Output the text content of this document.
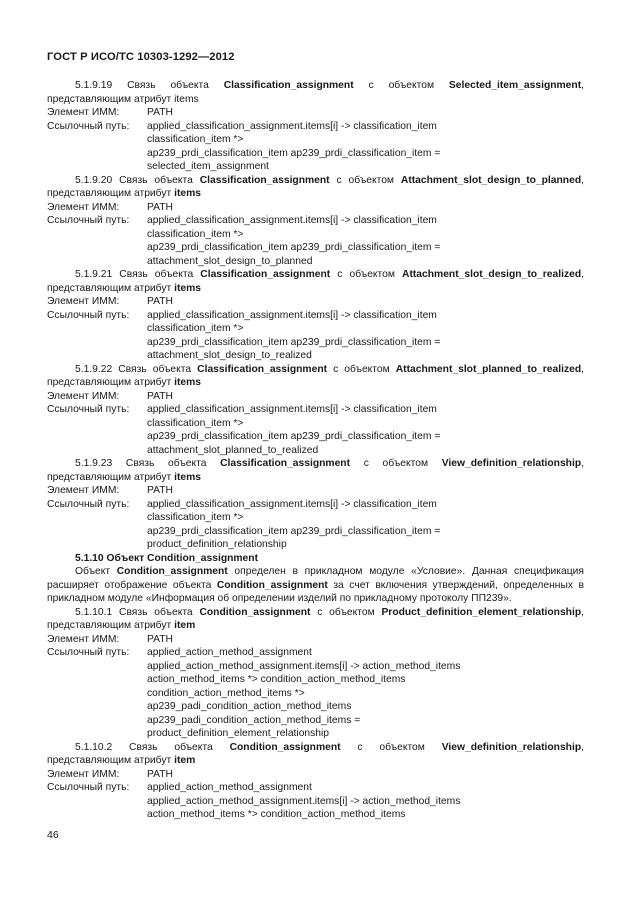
ГОСТ Р ИСО/ТС 10303-1292—2012
5.1.9.19 Связь объекта Classification_assignment с объектом Selected_item_assignment, представляющим атрибут items
Элемент ИММ:	PATH
Ссылочный путь: applied_classification_assignment.items[i] -> classification_item
classification_item *>
ap239_prdi_classification_item ap239_prdi_classification_item =
selected_item_assignment
5.1.9.20 Связь объекта Classification_assignment с объектом Attachment_slot_design_to_planned, представляющим атрибут items
Элемент ИММ:	PATH
Ссылочный путь: applied_classification_assignment.items[i] -> classification_item
classification_item *>
ap239_prdi_classification_item ap239_prdi_classification_item =
attachment_slot_design_to_planned
5.1.9.21 Связь объекта Classification_assignment с объектом Attachment_slot_design_to_realized, представляющим атрибут items
Элемент ИММ:	PATH
Ссылочный путь: applied_classification_assignment.items[i] -> classification_item
classification_item *>
ap239_prdi_classification_item ap239_prdi_classification_item =
attachment_slot_design_to_realized
5.1.9.22 Связь объекта Classification_assignment с объектом Attachment_slot_planned_to_realized, представляющим атрибут items
Элемент ИММ:	PATH
Ссылочный путь: applied_classification_assignment.items[i] -> classification_item
classification_item *>
ap239_prdi_classification_item ap239_prdi_classification_item =
attachment_slot_planned_to_realized
5.1.9.23 Связь объекта Classification_assignment с объектом View_definition_relationship, представляющим атрибут items
Элемент ИММ:	PATH
Ссылочный путь: applied_classification_assignment.items[i] -> classification_item
classification_item *>
ap239_prdi_classification_item ap239_prdi_classification_item =
product_definition_relationship
5.1.10 Объект Condition_assignment
Объект Condition_assignment определен в прикладном модуле «Условие». Данная спецификация расширяет отображение объекта Condition_assignment за счет включения утверждений, определенных в прикладном модуле «Информация об определении изделий по прикладному протоколу ПП239».
5.1.10.1 Связь объекта Condition_assignment с объектом Product_definition_element_relationship, представляющим атрибут item
Элемент ИММ:	PATH
Ссылочный путь: applied_action_method_assignment
applied_action_method_assignment.items[i] -> action_method_items
action_method_items *> condition_action_method_items
condition_action_method_items *>
ap239_padi_condition_action_method_items
ap239_padi_condition_action_method_items =
product_definition_element_relationship
5.1.10.2 Связь объекта Condition_assignment с объектом View_definition_relationship, представляющим атрибут item
Элемент ИММ:	PATH
Ссылочный путь: applied_action_method_assignment
applied_action_method_assignment.items[i] -> action_method_items
action_method_items *> condition_action_method_items
46
